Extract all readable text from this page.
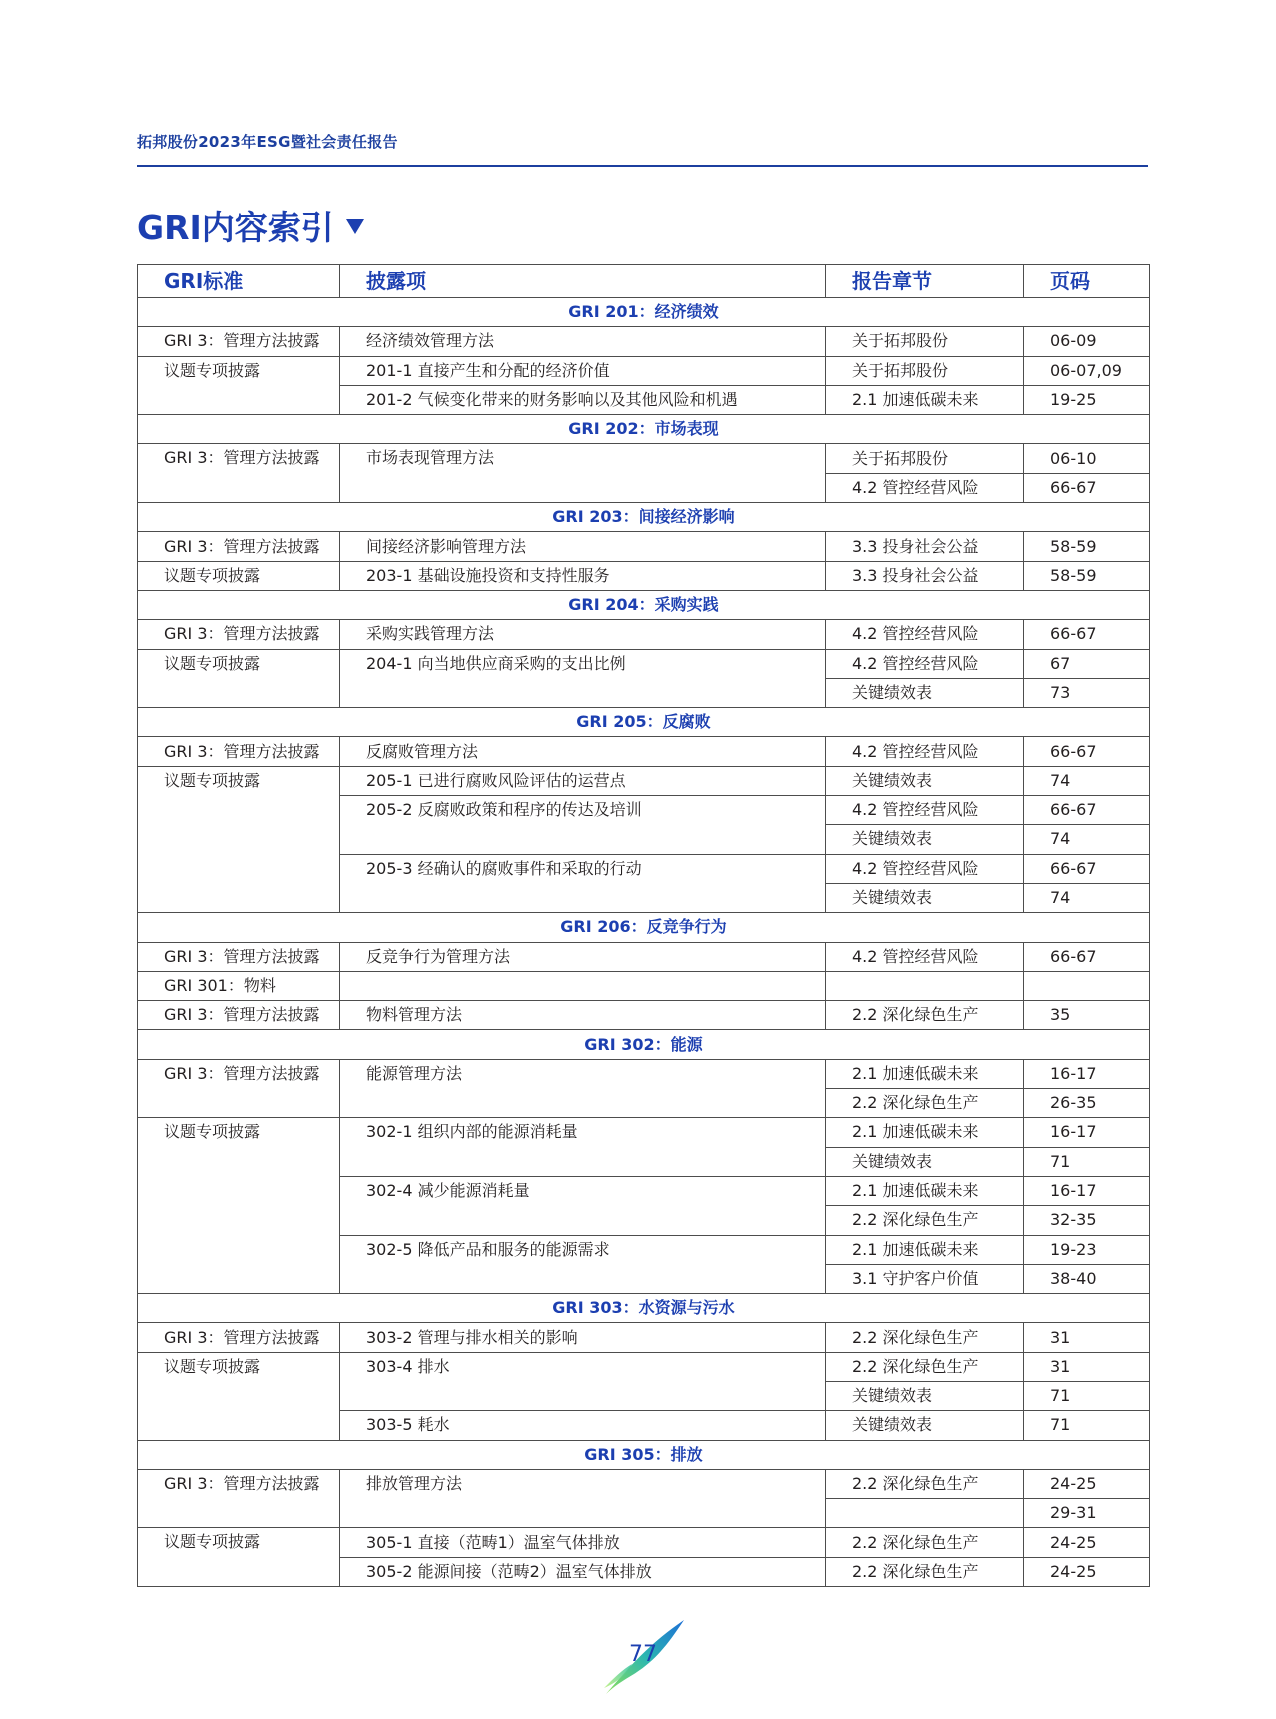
拓邦股份2023年ESG暨社会责任报告
GRI内容索引
GRI标准	披露项	报告章节	页码
GRI 201：经济绩效			
GRI 3：管理方法披露	经济绩效管理方法	关于拓邦股份	06-09
议题专项披露	201-1 直接产生和分配的经济价值	关于拓邦股份	06-07,09
	201-2 气候变化带来的财务影响以及其他风险和机遇	2.1 加速低碳未来	19-25
GRI 202：市场表现			
GRI 3：管理方法披露	市场表现管理方法	关于拓邦股份	06-10
		4.2 管控经营风险	66-67
GRI 203：间接经济影响			
GRI 3：管理方法披露	间接经济影响管理方法	3.3 投身社会公益	58-59
议题专项披露	203-1 基础设施投资和支持性服务	3.3 投身社会公益	58-59
GRI 204：采购实践			
GRI 3：管理方法披露	采购实践管理方法	4.2 管控经营风险	66-67
议题专项披露	204-1 向当地供应商采购的支出比例	4.2 管控经营风险	67
		关键绩效表	73
GRI 205：反腐败			
GRI 3：管理方法披露	反腐败管理方法	4.2 管控经营风险	66-67
议题专项披露	205-1 已进行腐败风险评估的运营点	关键绩效表	74
	205-2 反腐败政策和程序的传达及培训	4.2 管控经营风险	66-67
		关键绩效表	74
	205-3 经确认的腐败事件和采取的行动	4.2 管控经营风险	66-67
		关键绩效表	74
GRI 206：反竞争行为			
GRI 3：管理方法披露	反竞争行为管理方法	4.2 管控经营风险	66-67
GRI 301：物料			
GRI 3：管理方法披露	物料管理方法	2.2 深化绿色生产	35
GRI 302：能源			
GRI 3：管理方法披露	能源管理方法	2.1 加速低碳未来	16-17
		2.2 深化绿色生产	26-35
议题专项披露	302-1 组织内部的能源消耗量	2.1 加速低碳未来	16-17
		关键绩效表	71
	302-4 减少能源消耗量	2.1 加速低碳未来	16-17
		2.2 深化绿色生产	32-35
	302-5 降低产品和服务的能源需求	2.1 加速低碳未来	19-23
		3.1 守护客户价值	38-40
GRI 303：水资源与污水			
GRI 3：管理方法披露	303-2 管理与排水相关的影响	2.2 深化绿色生产	31
议题专项披露	303-4 排水	2.2 深化绿色生产	31
		关键绩效表	71
	303-5 耗水	关键绩效表	71
GRI 305：排放			
GRI 3：管理方法披露	排放管理方法	2.2 深化绿色生产	24-25
			29-31
议题专项披露	305-1 直接（范畴1）温室气体排放	2.2 深化绿色生产	24-25
	305-2 能源间接（范畴2）温室气体排放	2.2 深化绿色生产	24-25
77
